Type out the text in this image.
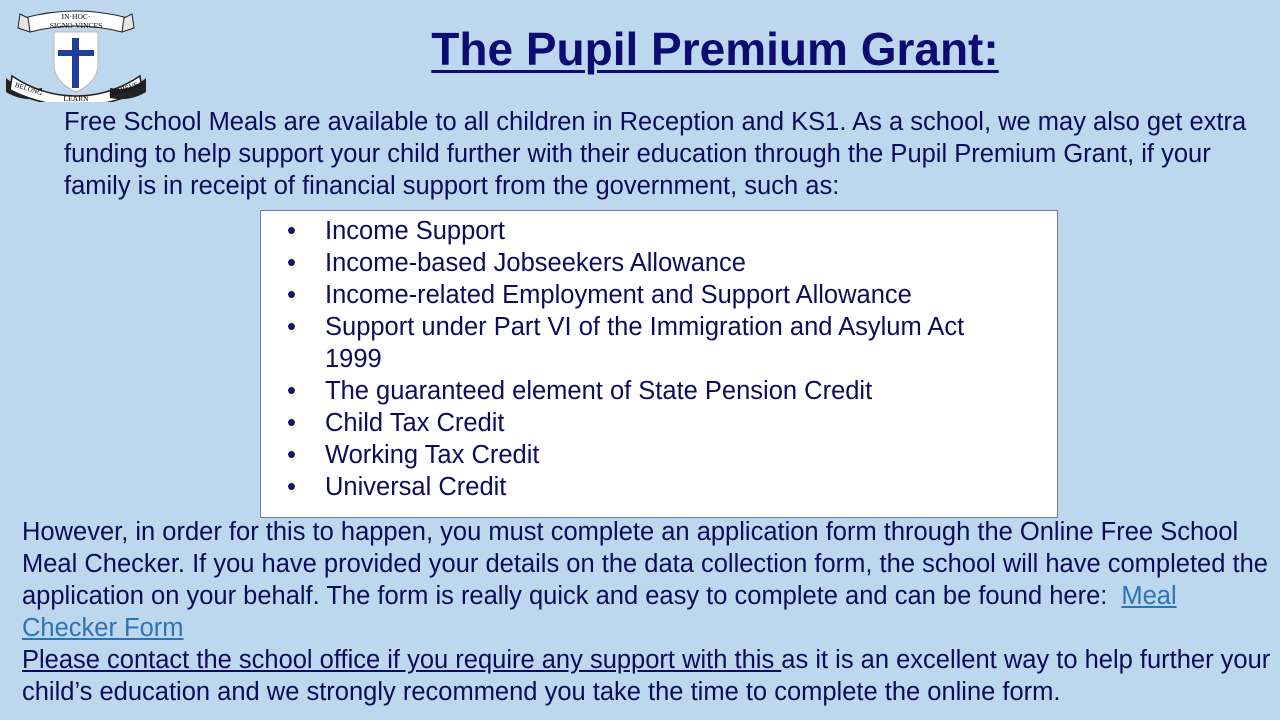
IN·HOC·
SIGNO·VINCES
BELONG
LEARN
ACHIEVE
The Pupil Premium Grant:

Free School Meals are available to all children in Reception and KS1. As a school, we may also get extra funding to help support your child further with their education through the Pupil Premium Grant, if your family is in receipt of financial support from the government, such as:

• Income Support
• Income-based Jobseekers Allowance
• Income-related Employment and Support Allowance
• Support under Part VI of the Immigration and Asylum Act 1999
• The guaranteed element of State Pension Credit
• Child Tax Credit
• Working Tax Credit
• Universal Credit

However, in order for this to happen, you must complete an application form through the Online Free School Meal Checker. If you have provided your details on the data collection form, the school will have completed the application on your behalf. The form is really quick and easy to complete and can be found here: Meal Checker Form
Please contact the school office if you require any support with this as it is an excellent way to help further your child’s education and we strongly recommend you take the time to complete the online form.
